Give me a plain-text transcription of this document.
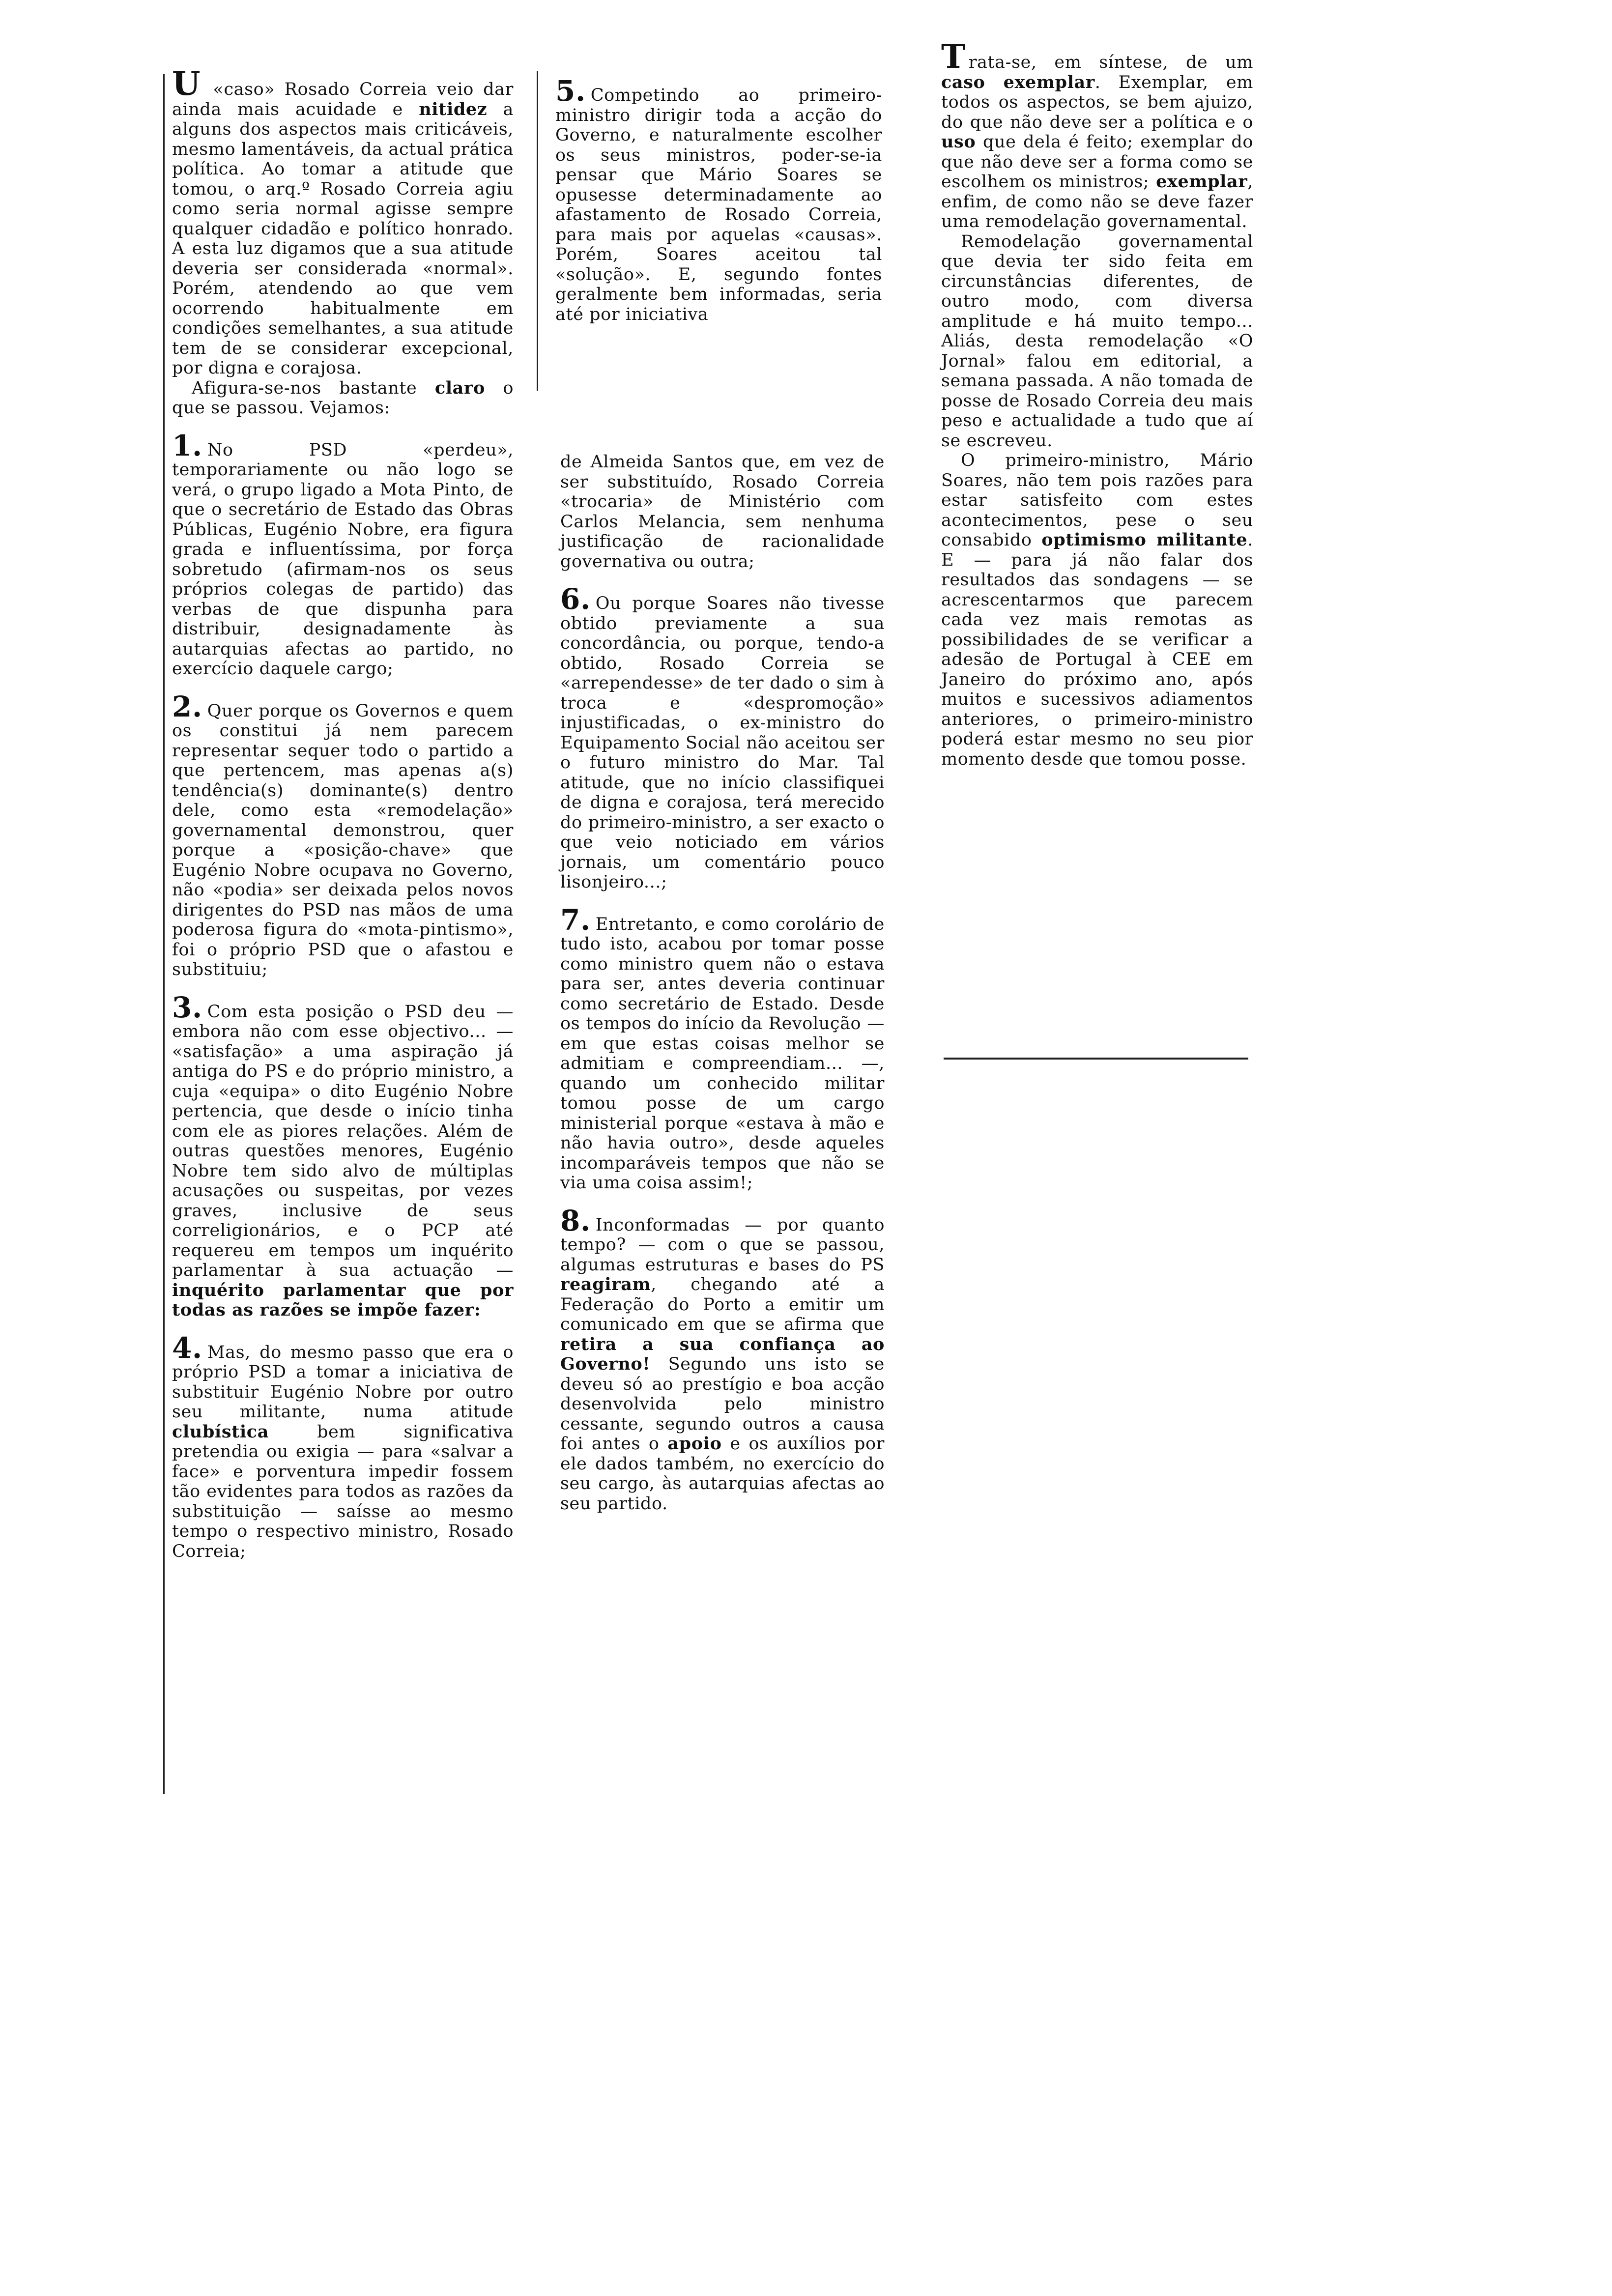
U «caso» Rosado Correia veio dar ainda mais acuidade e nitidez a alguns dos aspectos mais criticáveis, mesmo lamentáveis, da actual prática política. Ao tomar a atitude que tomou, o arq.º Rosado Correia agiu como seria normal agisse sempre qualquer cidadão e político honrado. A esta luz digamos que a sua atitude deveria ser considerada «normal». Porém, atendendo ao que vem ocorrendo habitualmente em condições semelhantes, a sua atitude tem de se considerar excepcional, por digna e corajosa.

Afigura-se-nos bastante claro o que se passou. Vejamos:

1. No PSD «perdeu», temporariamente ou não logo se verá, o grupo ligado a Mota Pinto, de que o secretário de Estado das Obras Públicas, Eugénio Nobre, era figura grada e influentíssima, por força sobretudo (afirmam-nos os seus próprios colegas de partido) das verbas de que dispunha para distribuir, designadamente às autarquias afectas ao partido, no exercício daquele cargo;

2. Quer porque os Governos e quem os constitui já nem parecem representar sequer todo o partido a que pertencem, mas apenas a(s) tendência(s) dominante(s) dentro dele, como esta «remodelação» governamental demonstrou, quer porque a «posição-chave» que Eugénio Nobre ocupava no Governo, não «podia» ser deixada pelos novos dirigentes do PSD nas mãos de uma poderosa figura do «mota-pintismo», foi o próprio PSD que o afastou e substituiu;

3. Com esta posição o PSD deu — embora não com esse objectivo... — «satisfação» a uma aspiração já antiga do PS e do próprio ministro, a cuja «equipa» o dito Eugénio Nobre pertencia, que desde o início tinha com ele as piores relações. Além de outras questões menores, Eugénio Nobre tem sido alvo de múltiplas acusações ou suspeitas, por vezes graves, inclusive de seus correligionários, e o PCP até requereu em tempos um inquérito parlamentar à sua actuação — inquérito parlamentar que por todas as razões se impõe fazer:

4. Mas, do mesmo passo que era o próprio PSD a tomar a iniciativa de substituir Eugénio Nobre por outro seu militante, numa atitude clubística bem significativa pretendia ou exigia — para «salvar a face» e porventura impedir fossem tão evidentes para todos as razões da substituição — saísse ao mesmo tempo o respectivo ministro, Rosado Correia;

5. Competindo ao primeiro-ministro dirigir toda a acção do Governo, e naturalmente escolher os seus ministros, poder-se-ia pensar que Mário Soares se opusesse determinadamente ao afastamento de Rosado Correia, para mais por aquelas «causas». Porém, Soares aceitou tal «solução». E, segundo fontes geralmente bem informadas, seria até por iniciativa

de Almeida Santos que, em vez de ser substituído, Rosado Correia «trocaria» de Ministério com Carlos Melancia, sem nenhuma justificação de racionalidade governativa ou outra;

6. Ou porque Soares não tivesse obtido previamente a sua concordância, ou porque, tendo-a obtido, Rosado Correia se «arrependesse» de ter dado o sim à troca e «despromoção» injustificadas, o ex-ministro do Equipamento Social não aceitou ser o futuro ministro do Mar. Tal atitude, que no início classifiquei de digna e corajosa, terá merecido do primeiro-ministro, a ser exacto o que veio noticiado em vários jornais, um comentário pouco lisonjeiro...;

7. Entretanto, e como corolário de tudo isto, acabou por tomar posse como ministro quem não o estava para ser, antes deveria continuar como secretário de Estado. Desde os tempos do início da Revolução — em que estas coisas melhor se admitiam e compreendiam... —, quando um conhecido militar tomou posse de um cargo ministerial porque «estava à mão e não havia outro», desde aqueles incomparáveis tempos que não se via uma coisa assim!;

8. Inconformadas — por quanto tempo? — com o que se passou, algumas estruturas e bases do PS reagiram, chegando até a Federação do Porto a emitir um comunicado em que se afirma que retira a sua confiança ao Governo! Segundo uns isto se deveu só ao prestígio e boa acção desenvolvida pelo ministro cessante, segundo outros a causa foi antes o apoio e os auxílios por ele dados também, no exercício do seu cargo, às autarquias afectas ao seu partido.

Trata-se, em síntese, de um caso exemplar. Exemplar, em todos os aspectos, se bem ajuizo, do que não deve ser a política e o uso que dela é feito; exemplar do que não deve ser a forma como se escolhem os ministros; exemplar, enfim, de como não se deve fazer uma remodelação governamental.

Remodelação governamental que devia ter sido feita em circunstâncias diferentes, de outro modo, com diversa amplitude e há muito tempo... Aliás, desta remodelação «O Jornal» falou em editorial, a semana passada. A não tomada de posse de Rosado Correia deu mais peso e actualidade a tudo que aí se escreveu.

O primeiro-ministro, Mário Soares, não tem pois razões para estar satisfeito com estes acontecimentos, pese o seu consabido optimismo militante. E — para já não falar dos resultados das sondagens — se acrescentarmos que parecem cada vez mais remotas as possibilidades de se verificar a adesão de Portugal à CEE em Janeiro do próximo ano, após muitos e sucessivos adiamentos anteriores, o primeiro-ministro poderá estar mesmo no seu pior momento desde que tomou posse.
